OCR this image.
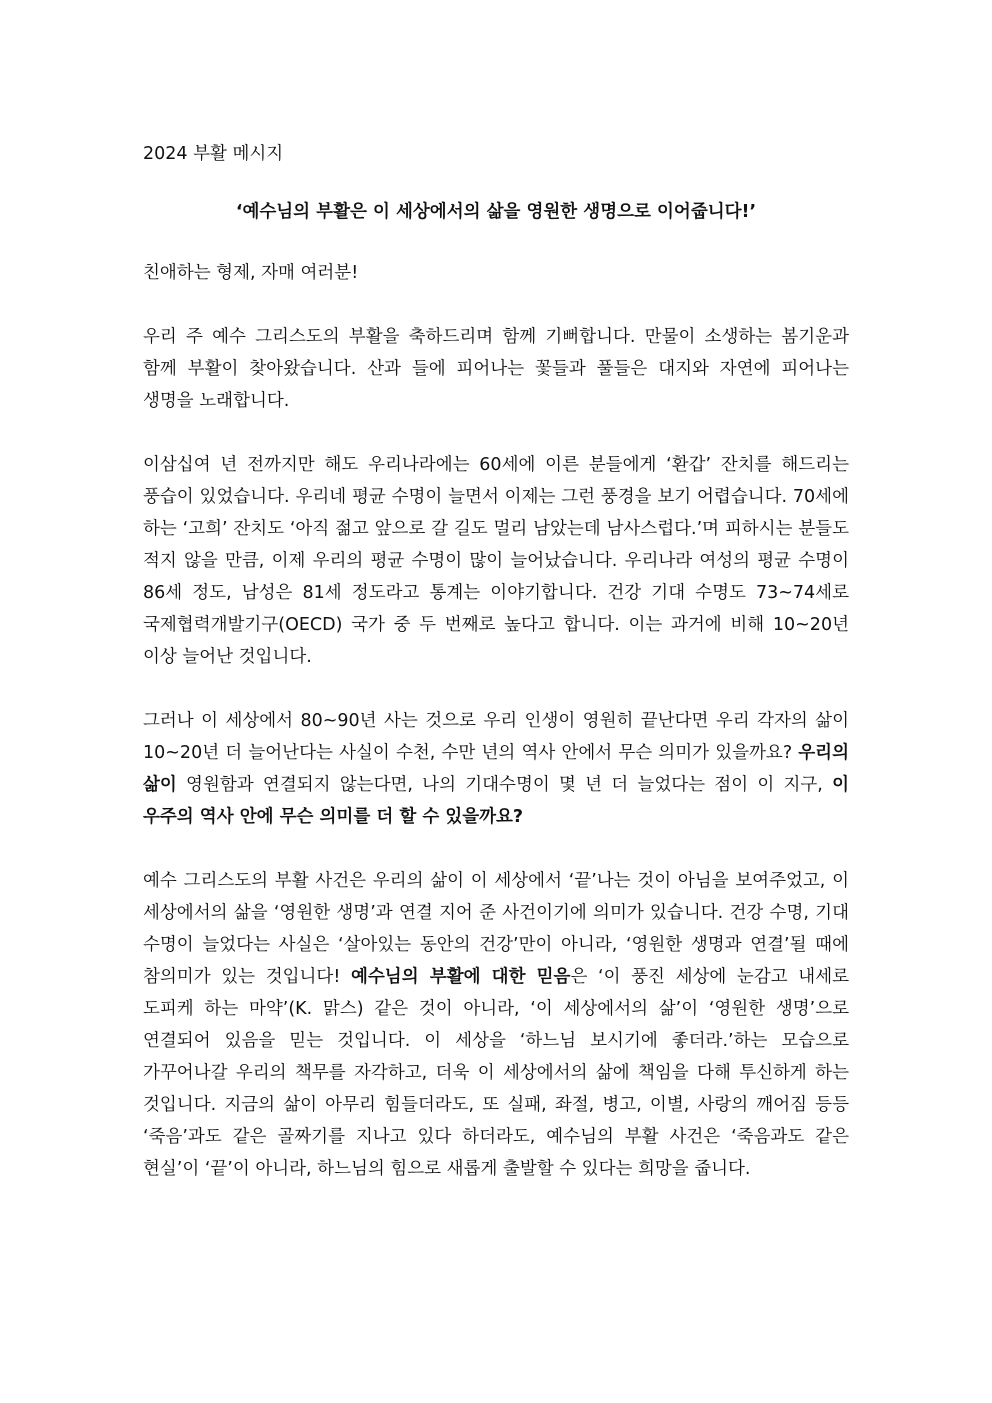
2024 부활 메시지

‘예수님의 부활은 이 세상에서의 삶을 영원한 생명으로 이어줍니다!’

친애하는 형제, 자매 여러분!

우리 주 예수 그리스도의 부활을 축하드리며 함께 기뻐합니다. 만물이 소생하는 봄기운과 함께 부활이 찾아왔습니다. 산과 들에 피어나는 꽃들과 풀들은 대지와 자연에 피어나는 생명을 노래합니다.

이삼십여 년 전까지만 해도 우리나라에는 60세에 이른 분들에게 ‘환갑’ 잔치를 해드리는 풍습이 있었습니다. 우리네 평균 수명이 늘면서 이제는 그런 풍경을 보기 어렵습니다. 70세에 하는 ‘고희’ 잔치도 ‘아직 젊고 앞으로 갈 길도 멀리 남았는데 남사스럽다.’며 피하시는 분들도 적지 않을 만큼, 이제 우리의 평균 수명이 많이 늘어났습니다. 우리나라 여성의 평균 수명이 86세 정도, 남성은 81세 정도라고 통계는 이야기합니다. 건강 기대 수명도 73~74세로 국제협력개발기구(OECD) 국가 중 두 번째로 높다고 합니다. 이는 과거에 비해 10~20년 이상 늘어난 것입니다.

그러나 이 세상에서 80~90년 사는 것으로 우리 인생이 영원히 끝난다면 우리 각자의 삶이 10~20년 더 늘어난다는 사실이 수천, 수만 년의 역사 안에서 무슨 의미가 있을까요? 우리의 삶이 영원함과 연결되지 않는다면, 나의 기대수명이 몇 년 더 늘었다는 점이 이 지구, 이 우주의 역사 안에 무슨 의미를 더 할 수 있을까요?

예수 그리스도의 부활 사건은 우리의 삶이 이 세상에서 ‘끝’나는 것이 아님을 보여주었고, 이 세상에서의 삶을 ‘영원한 생명’과 연결 지어 준 사건이기에 의미가 있습니다. 건강 수명, 기대 수명이 늘었다는 사실은 ‘살아있는 동안의 건강’만이 아니라, ‘영원한 생명과 연결’될 때에 참의미가 있는 것입니다! 예수님의 부활에 대한 믿음은 ‘이 풍진 세상에 눈감고 내세로 도피케 하는 마약’(K. 맑스) 같은 것이 아니라, ‘이 세상에서의 삶’이 ‘영원한 생명’으로 연결되어 있음을 믿는 것입니다. 이 세상을 ‘하느님 보시기에 좋더라.’하는 모습으로 가꾸어나갈 우리의 책무를 자각하고, 더욱 이 세상에서의 삶에 책임을 다해 투신하게 하는 것입니다. 지금의 삶이 아무리 힘들더라도, 또 실패, 좌절, 병고, 이별, 사랑의 깨어짐 등등 ‘죽음’과도 같은 골짜기를 지나고 있다 하더라도, 예수님의 부활 사건은 ‘죽음과도 같은 현실’이 ‘끝’이 아니라, 하느님의 힘으로 새롭게 출발할 수 있다는 희망을 줍니다.
